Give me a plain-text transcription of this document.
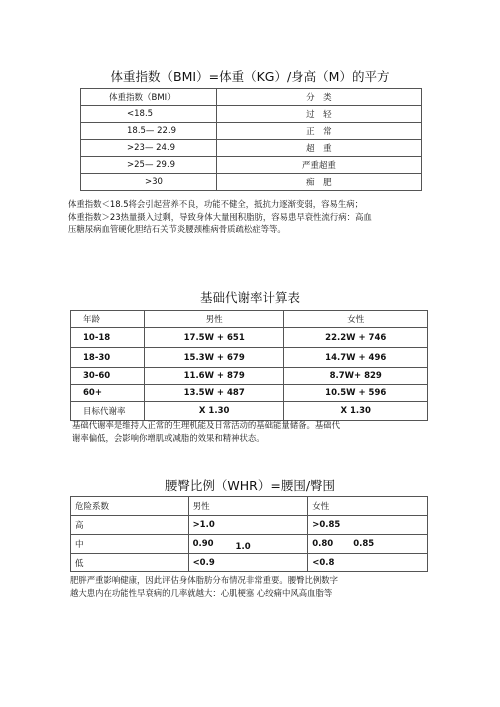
体重指数（BMI）=体重（KG）/身高（M）的平方
体重指数（BMI）	分　类
<18.5	过　轻
18.5— 22.9	正　常
>23— 24.9	超　重
>25— 29.9	严重超重
>30	痴　肥
体重指数＜18.5将会引起营养不良，功能不健全，抵抗力逐渐变弱，容易生病；
体重指数＞23热量摄入过剩，导致身体大量囤积脂肪，容易患早衰性流行病：高血
压糖尿病血管硬化胆结石关节炎腰颈椎病骨质疏松症等等。
基础代谢率计算表
年龄	男性	女性
10-18	17.5W + 651	22.2W + 746
18-30	15.3W + 679	14.7W + 496
30-60	11.6W + 879	8.7W+ 829
60+	13.5W + 487	10.5W + 596
目标代谢率	X 1.30	X 1.30
基础代谢率是维持人正常的生理机能及日常活动的基础能量储备。基础代
谢率偏低，会影响你增肌或减脂的效果和精神状态。
腰臀比例（WHR）=腰围/臀围
危险系数	男性	女性
高	>1.0	>0.85
中	0.90 1.0	0.80 0.85
低	<0.9	<0.8
肥胖严重影响健康，因此评估身体脂肪分布情况非常重要。腰臀比例数字
越大患内在功能性早衰病的几率就越大：心肌梗塞 心绞痛中风高血脂等
